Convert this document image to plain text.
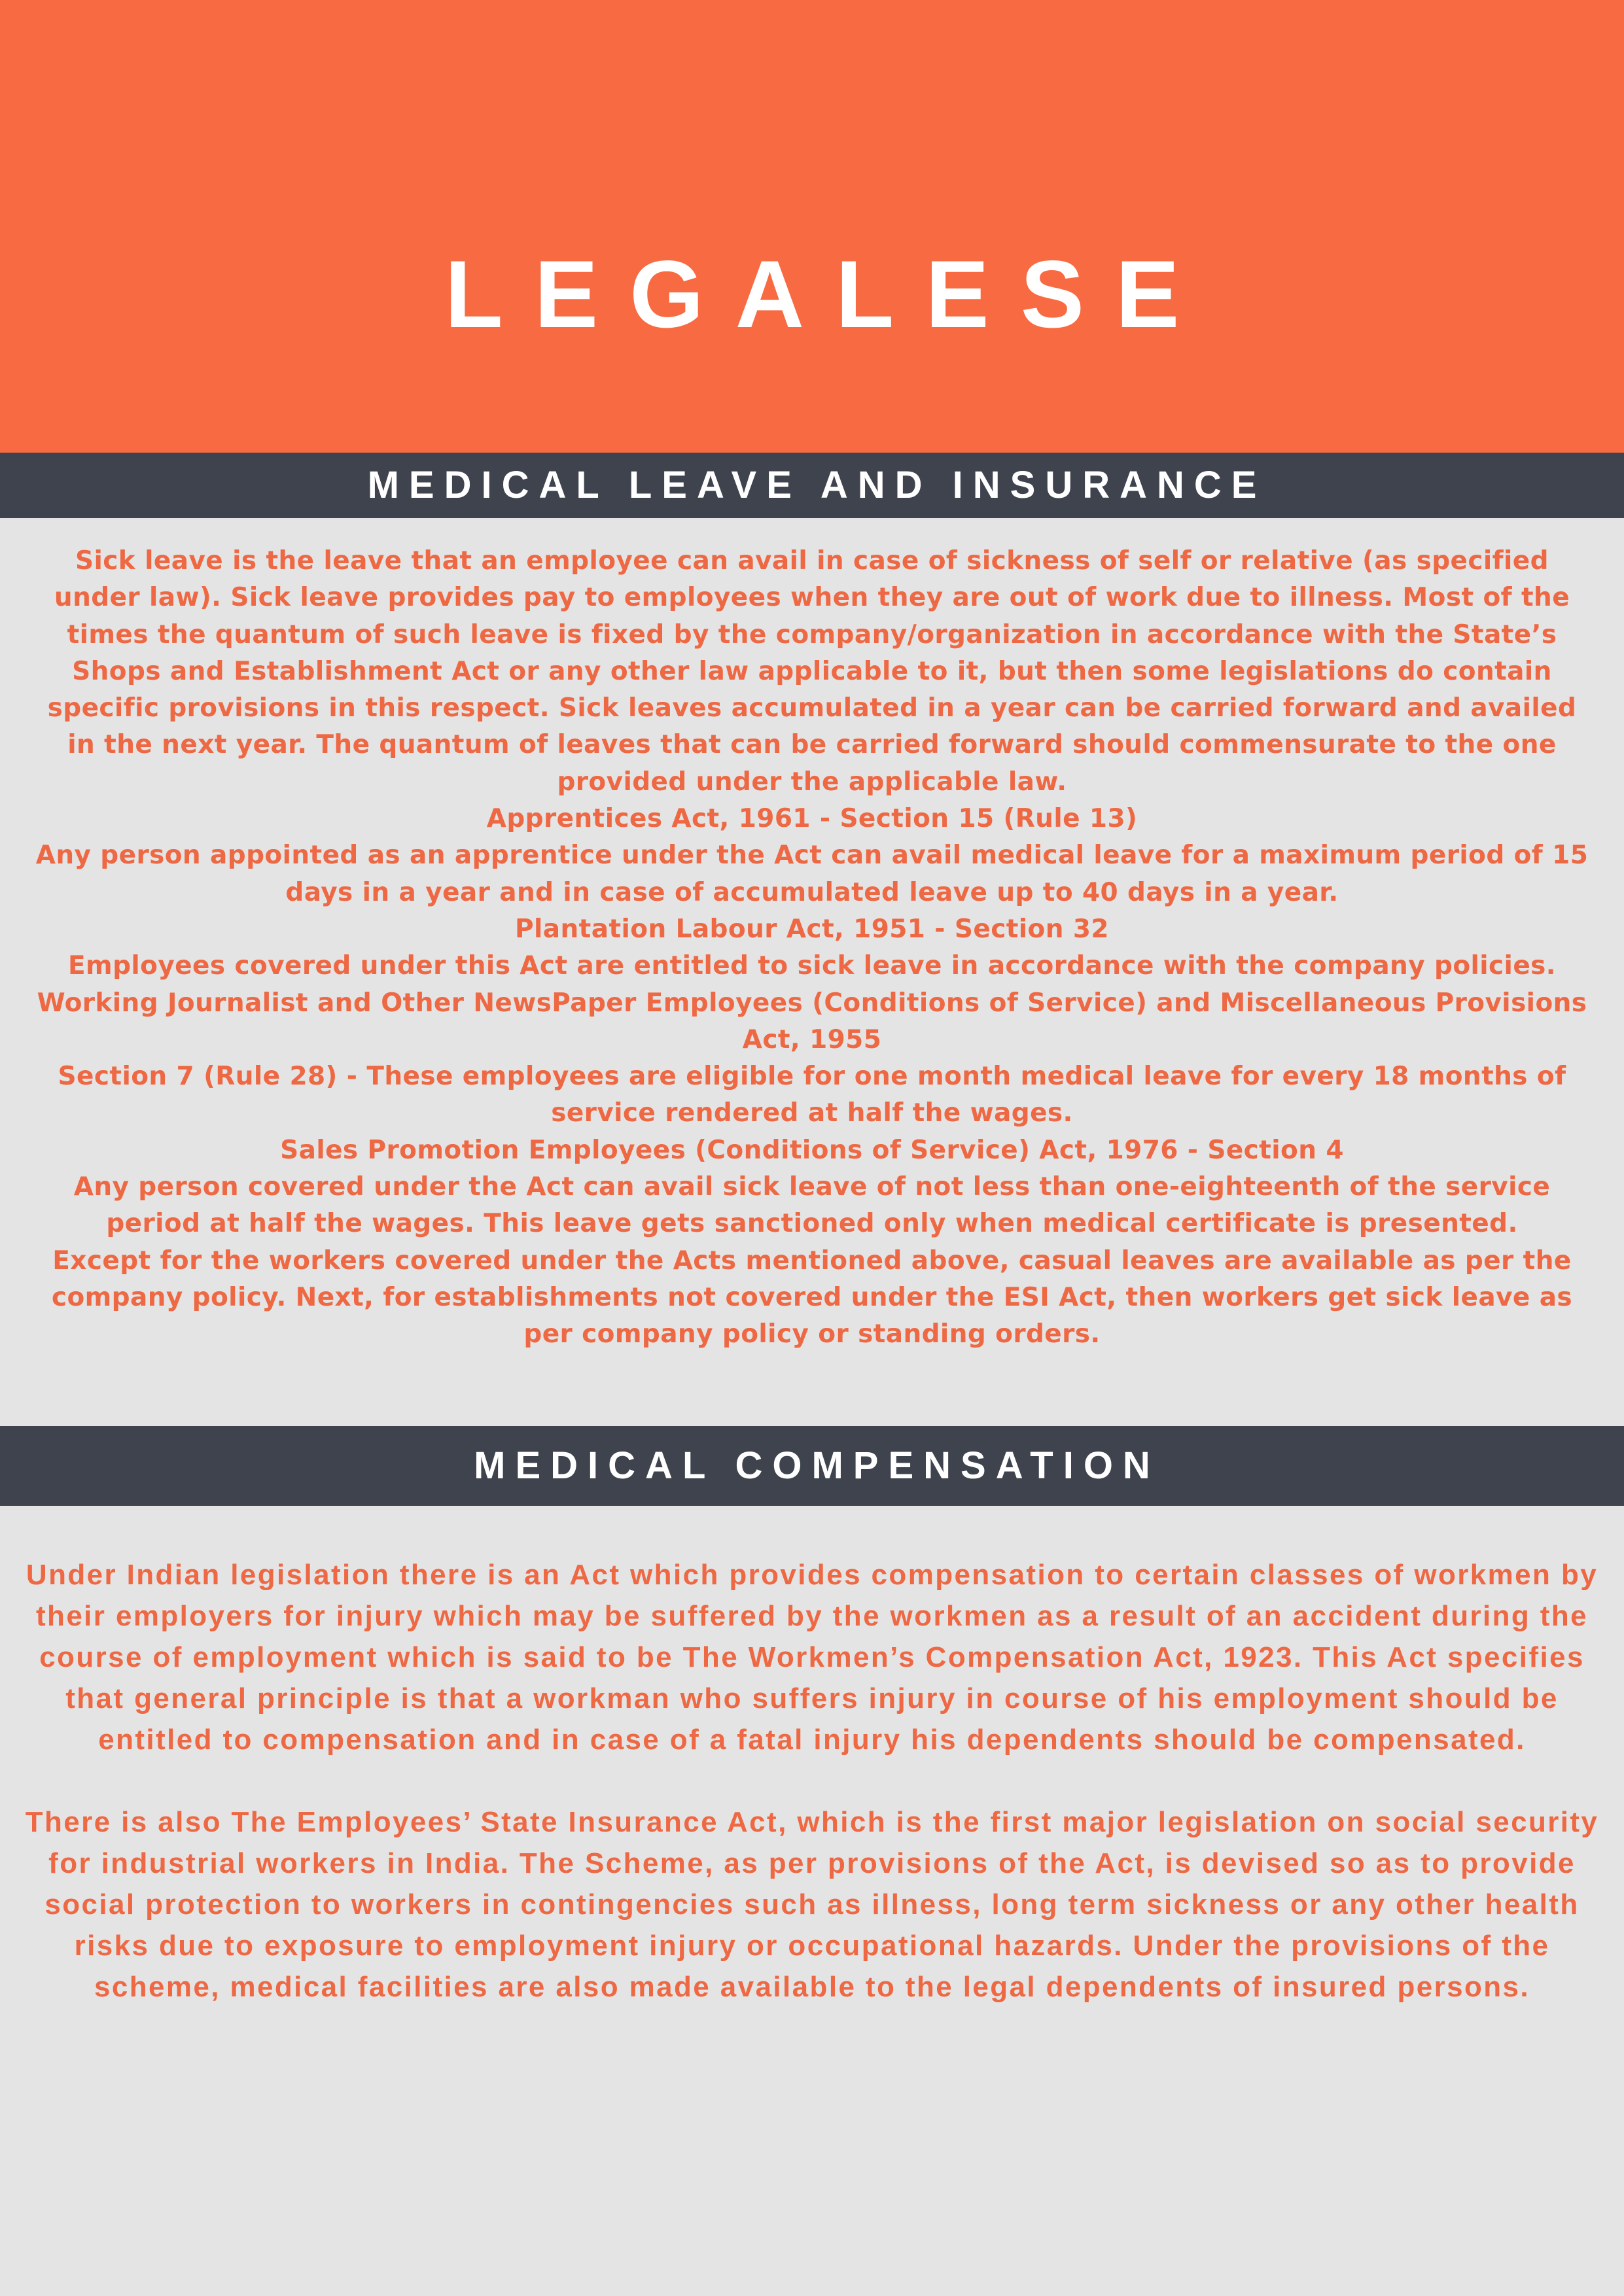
LEGALESE
MEDICAL LEAVE AND INSURANCE

Sick leave is the leave that an employee can avail in case of sickness of self or relative (as specified under law). Sick leave provides pay to employees when they are out of work due to illness. Most of the times the quantum of such leave is fixed by the company/organization in accordance with the State’s Shops and Establishment Act or any other law applicable to it, but then some legislations do contain specific provisions in this respect. Sick leaves accumulated in a year can be carried forward and availed in the next year. The quantum of leaves that can be carried forward should commensurate to the one provided under the applicable law.

Apprentices Act, 1961 - Section 15 (Rule 13)

Any person appointed as an apprentice under the Act can avail medical leave for a maximum period of 15 days in a year and in case of accumulated leave up to 40 days in a year.

Plantation Labour Act, 1951 - Section 32

Employees covered under this Act are entitled to sick leave in accordance with the company policies.

Working Journalist and Other NewsPaper Employees (Conditions of Service) and Miscellaneous Provisions Act, 1955

Section 7 (Rule 28) - These employees are eligible for one month medical leave for every 18 months of service rendered at half the wages.

Sales Promotion Employees (Conditions of Service) Act, 1976 - Section 4

Any person covered under the Act can avail sick leave of not less than one-eighteenth of the service period at half the wages. This leave gets sanctioned only when medical certificate is presented.

Except for the workers covered under the Acts mentioned above, casual leaves are available as per the company policy. Next, for establishments not covered under the ESI Act, then workers get sick leave as per company policy or standing orders.

MEDICAL COMPENSATION

Under Indian legislation there is an Act which provides compensation to certain classes of workmen by their employers for injury which may be suffered by the workmen as a result of an accident during the course of employment which is said to be The Workmen’s Compensation Act, 1923. This Act specifies that general principle is that a workman who suffers injury in course of his employment should be entitled to compensation and in case of a fatal injury his dependents should be compensated.

There is also The Employees’ State Insurance Act, which is the first major legislation on social security for industrial workers in India. The Scheme, as per provisions of the Act, is devised so as to provide social protection to workers in contingencies such as illness, long term sickness or any other health risks due to exposure to employment injury or occupational hazards. Under the provisions of the scheme, medical facilities are also made available to the legal dependents of insured persons.
